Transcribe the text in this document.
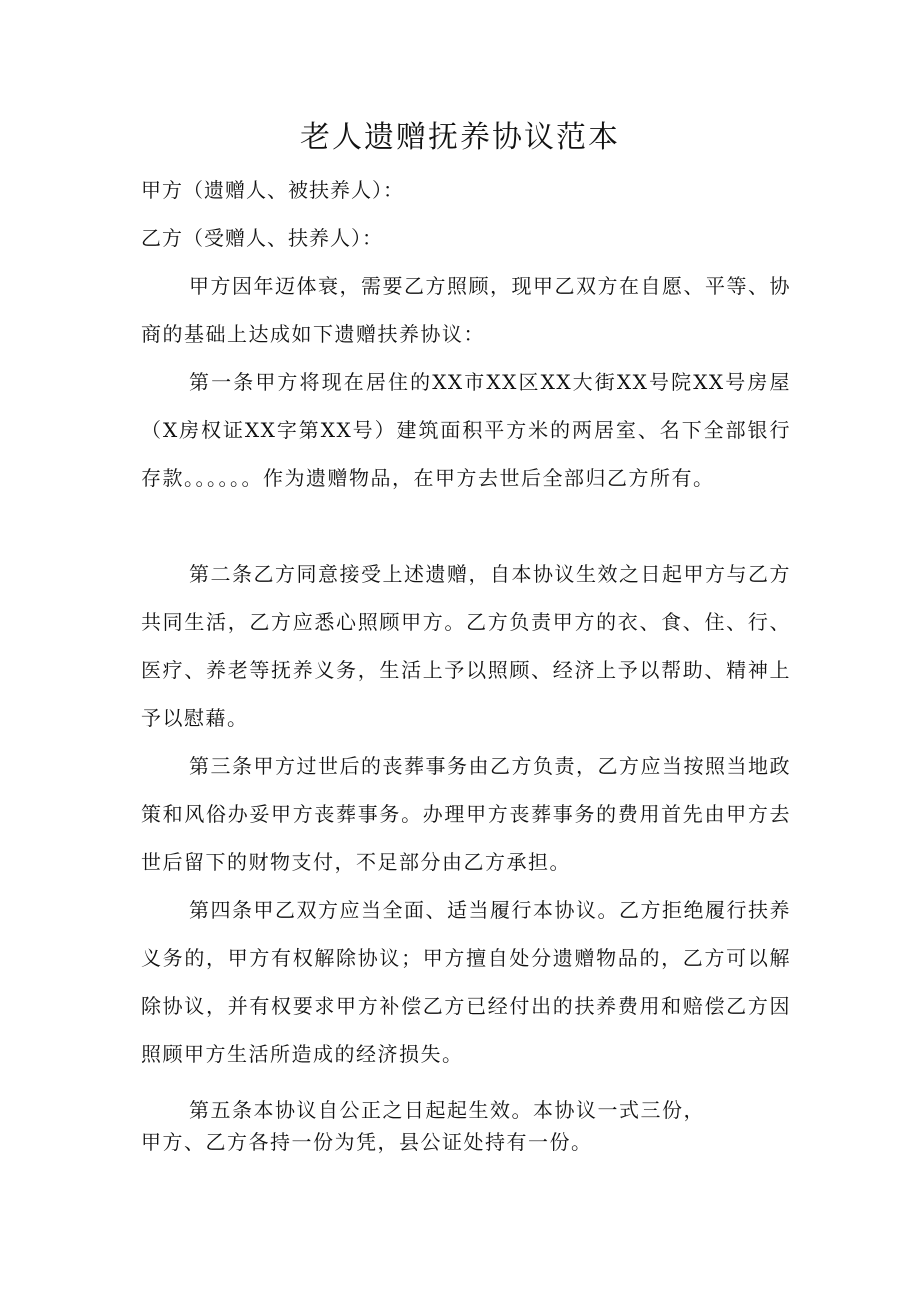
老人遗赠抚养协议范本
甲方（遗赠人、被扶养人）：
乙方（受赠人、扶养人）：

甲方因年迈体衰，需要乙方照顾，现甲乙双方在自愿、平等、协商的基础上达成如下遗赠扶养协议：

第一条甲方将现在居住的XX市XX区XX大街XX号院XX号房屋（X房权证XX字第XX号）建筑面积平方米的两居室、名下全部银行存款。。。。。。作为遗赠物品，在甲方去世后全部归乙方所有。

第二条乙方同意接受上述遗赠，自本协议生效之日起甲方与乙方共同生活，乙方应悉心照顾甲方。乙方负责甲方的衣、食、住、行、医疗、养老等抚养义务，生活上予以照顾、经济上予以帮助、精神上予以慰藉。

第三条甲方过世后的丧葬事务由乙方负责，乙方应当按照当地政策和风俗办妥甲方丧葬事务。办理甲方丧葬事务的费用首先由甲方去世后留下的财物支付，不足部分由乙方承担。

第四条甲乙双方应当全面、适当履行本协议。乙方拒绝履行扶养义务的，甲方有权解除协议；甲方擅自处分遗赠物品的，乙方可以解除协议，并有权要求甲方补偿乙方已经付出的扶养费用和赔偿乙方因照顾甲方生活所造成的经济损失。

第五条本协议自公正之日起起生效。本协议一式三份，
甲方、乙方各持一份为凭，县公证处持有一份。
